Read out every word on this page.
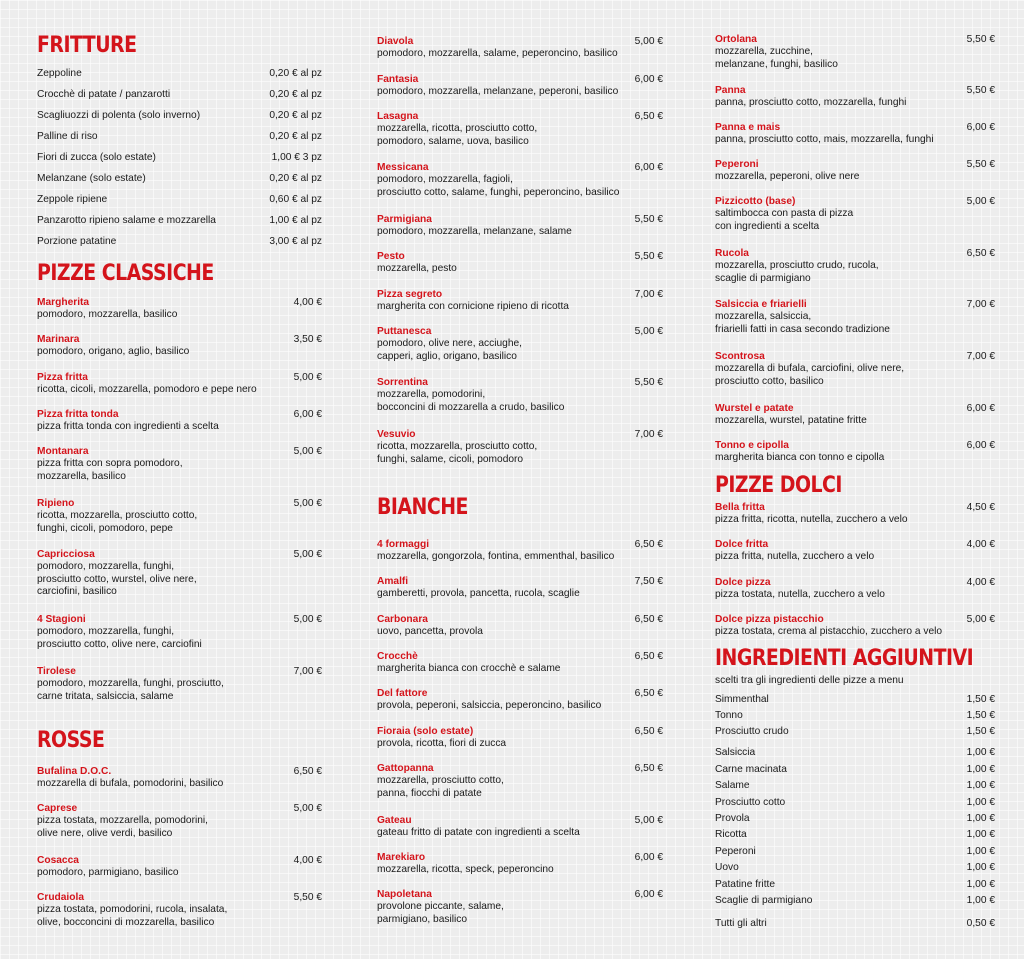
FRITTURE
Zeppoline	0,20 € al pz
Crocchè di patate / panzarotti	0,20 € al pz
Scagliuozzi di polenta (solo inverno)	0,20 € al pz
Palline di riso	0,20 € al pz
Fiori di zucca (solo estate)	1,00 € 3 pz
Melanzane (solo estate)	0,20 € al pz
Zeppole ripiene	0,60 € al pz
Panzarotto ripieno salame e mozzarella	1,00 € al pz
Porzione patatine	3,00 € al pz
PIZZE CLASSICHE
Margherita
pomodoro, mozzarella, basilico
4,00 €
Marinara
pomodoro, origano, aglio, basilico
3,50 €
Pizza fritta
ricotta, cicoli, mozzarella, pomodoro e pepe nero
5,00 €
Pizza fritta tonda
pizza fritta tonda con ingredienti a scelta
6,00 €
Montanara
pizza fritta con sopra pomodoro,
mozzarella, basilico
5,00 €
Ripieno
ricotta, mozzarella, prosciutto cotto,
funghi, cicoli, pomodoro, pepe
5,00 €
Capricciosa
pomodoro, mozzarella, funghi,
prosciutto cotto, wurstel, olive nere,
carciofini, basilico
5,00 €
4 Stagioni
pomodoro, mozzarella, funghi,
prosciutto cotto, olive nere, carciofini
5,00 €
Tirolese
pomodoro, mozzarella, funghi, prosciutto,
carne tritata, salsiccia, salame
7,00 €
ROSSE
Bufalina D.O.C.
mozzarella di bufala, pomodorini, basilico
6,50 €
Caprese
pizza tostata, mozzarella, pomodorini,
olive nere, olive verdi, basilico
5,00 €
Cosacca
pomodoro, parmigiano, basilico
4,00 €
Crudaiola
pizza tostata, pomodorini, rucola, insalata,
olive, bocconcini di mozzarella, basilico
5,50 €
Diavola
pomodoro, mozzarella, salame, peperoncino, basilico
5,00 €
Fantasia
pomodoro, mozzarella, melanzane, peperoni, basilico
6,00 €
Lasagna
mozzarella, ricotta, prosciutto cotto,
pomodoro, salame, uova, basilico
6,50 €
Messicana
pomodoro, mozzarella, fagioli,
prosciutto cotto, salame, funghi, peperoncino, basilico
6,00 €
Parmigiana
pomodoro, mozzarella, melanzane, salame
5,50 €
Pesto
mozzarella, pesto
5,50 €
Pizza segreto
margherita con cornicione ripieno di ricotta
7,00 €
Puttanesca
pomodoro, olive nere, acciughe,
capperi, aglio, origano, basilico
5,00 €
Sorrentina
mozzarella, pomodorini,
bocconcini di mozzarella a crudo, basilico
5,50 €
Vesuvio
ricotta, mozzarella, prosciutto cotto,
funghi, salame, cicoli, pomodoro
7,00 €
BIANCHE
4 formaggi
mozzarella, gongorzola, fontina, emmenthal, basilico
6,50 €
Amalfi
gamberetti, provola, pancetta, rucola, scaglie
7,50 €
Carbonara
uovo, pancetta, provola
6,50 €
Crocchè
margherita bianca con crocchè e salame
6,50 €
Del fattore
provola, peperoni, salsiccia, peperoncino, basilico
6,50 €
Fioraia (solo estate)
provola, ricotta, fiori di zucca
6,50 €
Gattopanna
mozzarella, prosciutto cotto,
panna, fiocchi di patate
6,50 €
Gateau
gateau fritto di patate con ingredienti a scelta
5,00 €
Marekiaro
mozzarella, ricotta, speck, peperoncino
6,00 €
Napoletana
provolone piccante, salame,
parmigiano, basilico
6,00 €
Ortolana
mozzarella, zucchine,
melanzane, funghi, basilico
5,50 €
Panna
panna, prosciutto cotto, mozzarella, funghi
5,50 €
Panna e mais
panna, prosciutto cotto, mais, mozzarella, funghi
6,00 €
Peperoni
mozzarella, peperoni, olive nere
5,50 €
Pizzicotto (base)
saltimbocca con pasta di pizza
con ingredienti a scelta
5,00 €
Rucola
mozzarella, prosciutto crudo, rucola,
scaglie di parmigiano
6,50 €
Salsiccia e friarielli
mozzarella, salsiccia,
friarielli fatti in casa secondo tradizione
7,00 €
Scontrosa
mozzarella di bufala, carciofini, olive nere,
prosciutto cotto, basilico
7,00 €
Wurstel e patate
mozzarella, wurstel, patatine fritte
6,00 €
Tonno e cipolla
margherita bianca con tonno e cipolla
6,00 €
PIZZE DOLCI
Bella fritta
pizza fritta, ricotta, nutella, zucchero a velo
4,50 €
Dolce fritta
pizza fritta, nutella, zucchero a velo
4,00 €
Dolce pizza
pizza tostata, nutella, zucchero a velo
4,00 €
Dolce pizza pistacchio
pizza tostata, crema al pistacchio, zucchero a velo
5,00 €
INGREDIENTI AGGIUNTIVI
scelti tra gli ingredienti delle pizze a menu
Simmenthal	1,50 €
Tonno	1,50 €
Prosciutto crudo	1,50 €
Salsiccia	1,00 €
Carne macinata	1,00 €
Salame	1,00 €
Prosciutto cotto	1,00 €
Provola	1,00 €
Ricotta	1,00 €
Peperoni	1,00 €
Uovo	1,00 €
Patatine fritte	1,00 €
Scaglie di parmigiano	1,00 €
Tutti gli altri	0,50 €
